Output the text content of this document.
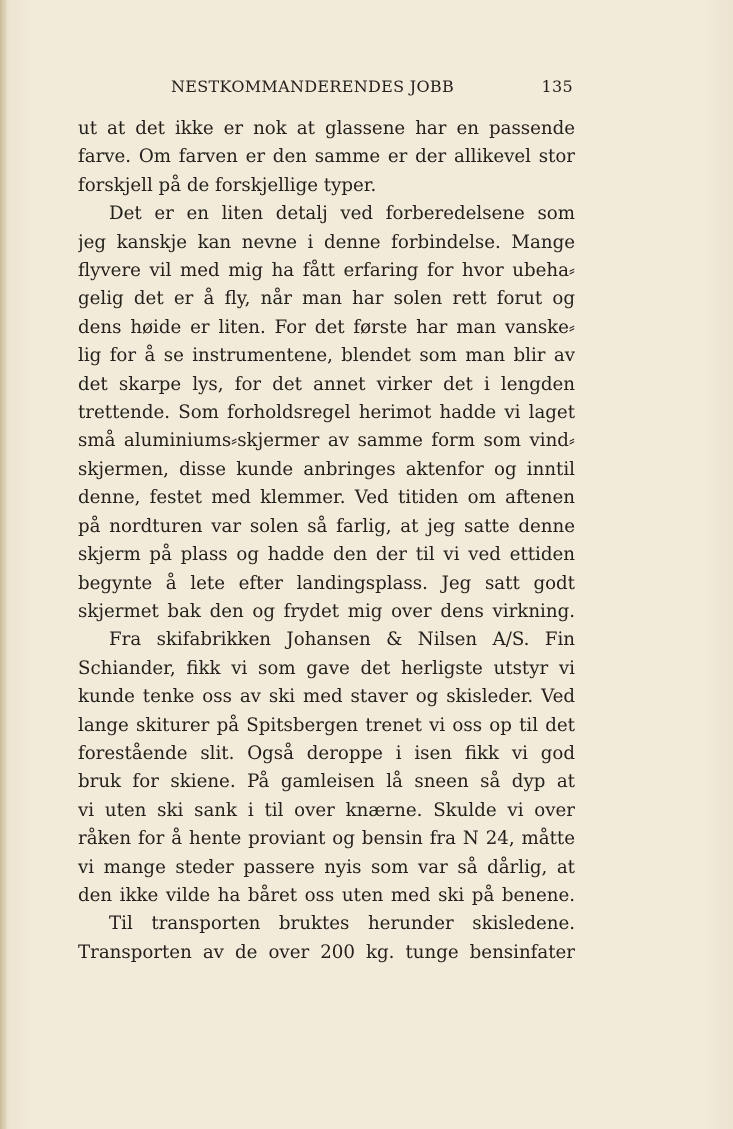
NESTKOMMANDERENDES JOBB	135
ut at det ikke er nok at glassene har en passende
farve. Om farven er den samme er der allikevel stor
forskjell på de forskjellige typer.
Det er en liten detalj ved forberedelsene som
jeg kanskje kan nevne i denne forbindelse. Mange
flyvere vil med mig ha fått erfaring for hvor ubeha⸗
gelig det er å fly, når man har solen rett forut og
dens høide er liten. For det første har man vanske⸗
lig for å se instrumentene, blendet som man blir av
det skarpe lys, for det annet virker det i lengden
trettende. Som forholdsregel herimot hadde vi laget
små aluminiums⸗skjermer av samme form som vind⸗
skjermen, disse kunde anbringes aktenfor og inntil
denne, festet med klemmer. Ved titiden om aftenen
på nordturen var solen så farlig, at jeg satte denne
skjerm på plass og hadde den der til vi ved ettiden
begynte å lete efter landingsplass. Jeg satt godt
skjermet bak den og frydet mig over dens virkning.
Fra skifabrikken Johansen & Nilsen A/S. Fin
Schiander, fikk vi som gave det herligste utstyr vi
kunde tenke oss av ski med staver og skisleder. Ved
lange skiturer på Spitsbergen trenet vi oss op til det
forestående slit. Også deroppe i isen fikk vi god
bruk for skiene. På gamleisen lå sneen så dyp at
vi uten ski sank i til over knærne. Skulde vi over
råken for å hente proviant og bensin fra N 24, måtte
vi mange steder passere nyis som var så dårlig, at
den ikke vilde ha båret oss uten med ski på benene.
Til transporten bruktes herunder skisledene.
Transporten av de over 200 kg. tunge bensinfater
